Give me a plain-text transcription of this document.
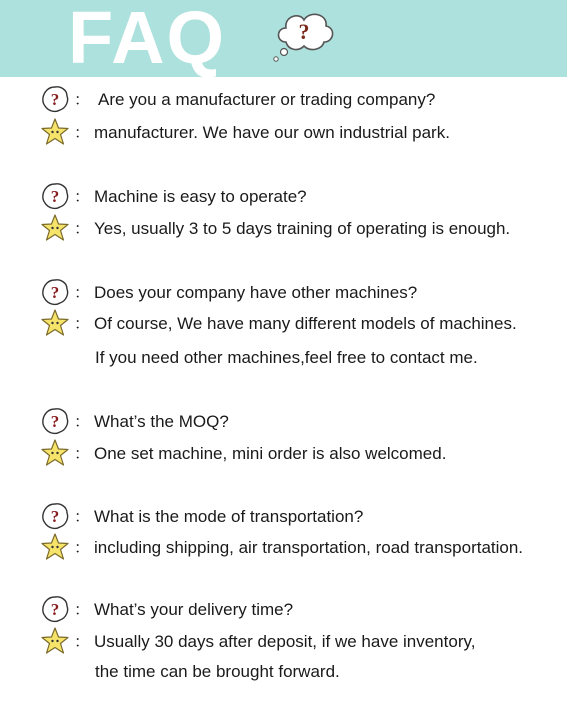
FAQ	?
? ： Are you a manufacturer or trading company?
： manufacturer. We have our own industrial park.
? ： Machine is easy to operate?
： Yes, usually 3 to 5 days training of operating is enough.
? ： Does your company have other machines?
： Of course, We have many different models of machines.
If you need other machines,feel free to contact me.
? ： What’s the MOQ?
： One set machine, mini order is also welcomed.
? ： What is the mode of transportation?
： including shipping, air transportation, road transportation.
? ： What’s your delivery time?
： Usually 30 days after deposit, if we have inventory,
the time can be brought forward.
